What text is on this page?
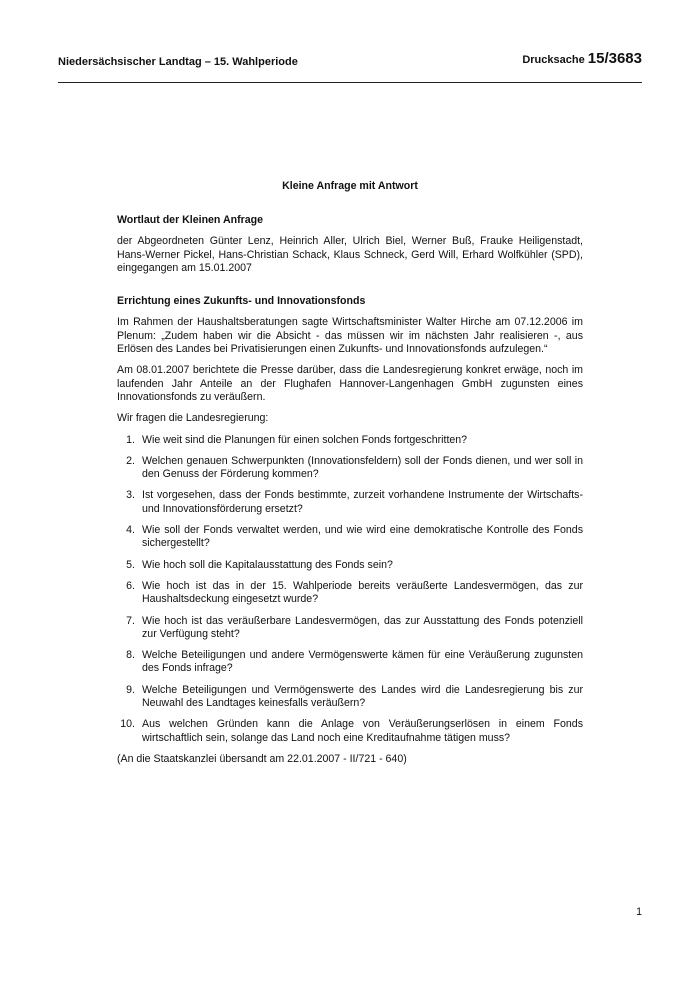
Niedersächsischer Landtag – 15. Wahlperiode	Drucksache 15/3683
Kleine Anfrage mit Antwort
Wortlaut der Kleinen Anfrage

der Abgeordneten Günter Lenz, Heinrich Aller, Ulrich Biel, Werner Buß, Frauke Heiligenstadt, Hans-Werner Pickel, Hans-Christian Schack, Klaus Schneck, Gerd Will, Erhard Wolfkühler (SPD), eingegangen am 15.01.2007

Errichtung eines Zukunfts- und Innovationsfonds

Im Rahmen der Haushaltsberatungen sagte Wirtschaftsminister Walter Hirche am 07.12.2006 im Plenum: „Zudem haben wir die Absicht - das müssen wir im nächsten Jahr realisieren -, aus Erlösen des Landes bei Privatisierungen einen Zukunfts- und Innovationsfonds aufzulegen.“

Am 08.01.2007 berichtete die Presse darüber, dass die Landesregierung konkret erwäge, noch im laufenden Jahr Anteile an der Flughafen Hannover-Langenhagen GmbH zugunsten eines Innovationsfonds zu veräußern.

Wir fragen die Landesregierung:

1. Wie weit sind die Planungen für einen solchen Fonds fortgeschritten?
2. Welchen genauen Schwerpunkten (Innovationsfeldern) soll der Fonds dienen, und wer soll in den Genuss der Förderung kommen?
3. Ist vorgesehen, dass der Fonds bestimmte, zurzeit vorhandene Instrumente der Wirtschafts- und Innovationsförderung ersetzt?
4. Wie soll der Fonds verwaltet werden, und wie wird eine demokratische Kontrolle des Fonds sichergestellt?
5. Wie hoch soll die Kapitalausstattung des Fonds sein?
6. Wie hoch ist das in der 15. Wahlperiode bereits veräußerte Landesvermögen, das zur Haushaltsdeckung eingesetzt wurde?
7. Wie hoch ist das veräußerbare Landesvermögen, das zur Ausstattung des Fonds potenziell zur Verfügung steht?
8. Welche Beteiligungen und andere Vermögenswerte kämen für eine Veräußerung zugunsten des Fonds infrage?
9. Welche Beteiligungen und Vermögenswerte des Landes wird die Landesregierung bis zur Neuwahl des Landtages keinesfalls veräußern?
10. Aus welchen Gründen kann die Anlage von Veräußerungserlösen in einem Fonds wirtschaftlich sein, solange das Land noch eine Kreditaufnahme tätigen muss?

(An die Staatskanzlei übersandt am 22.01.2007 - II/721 - 640)

1
